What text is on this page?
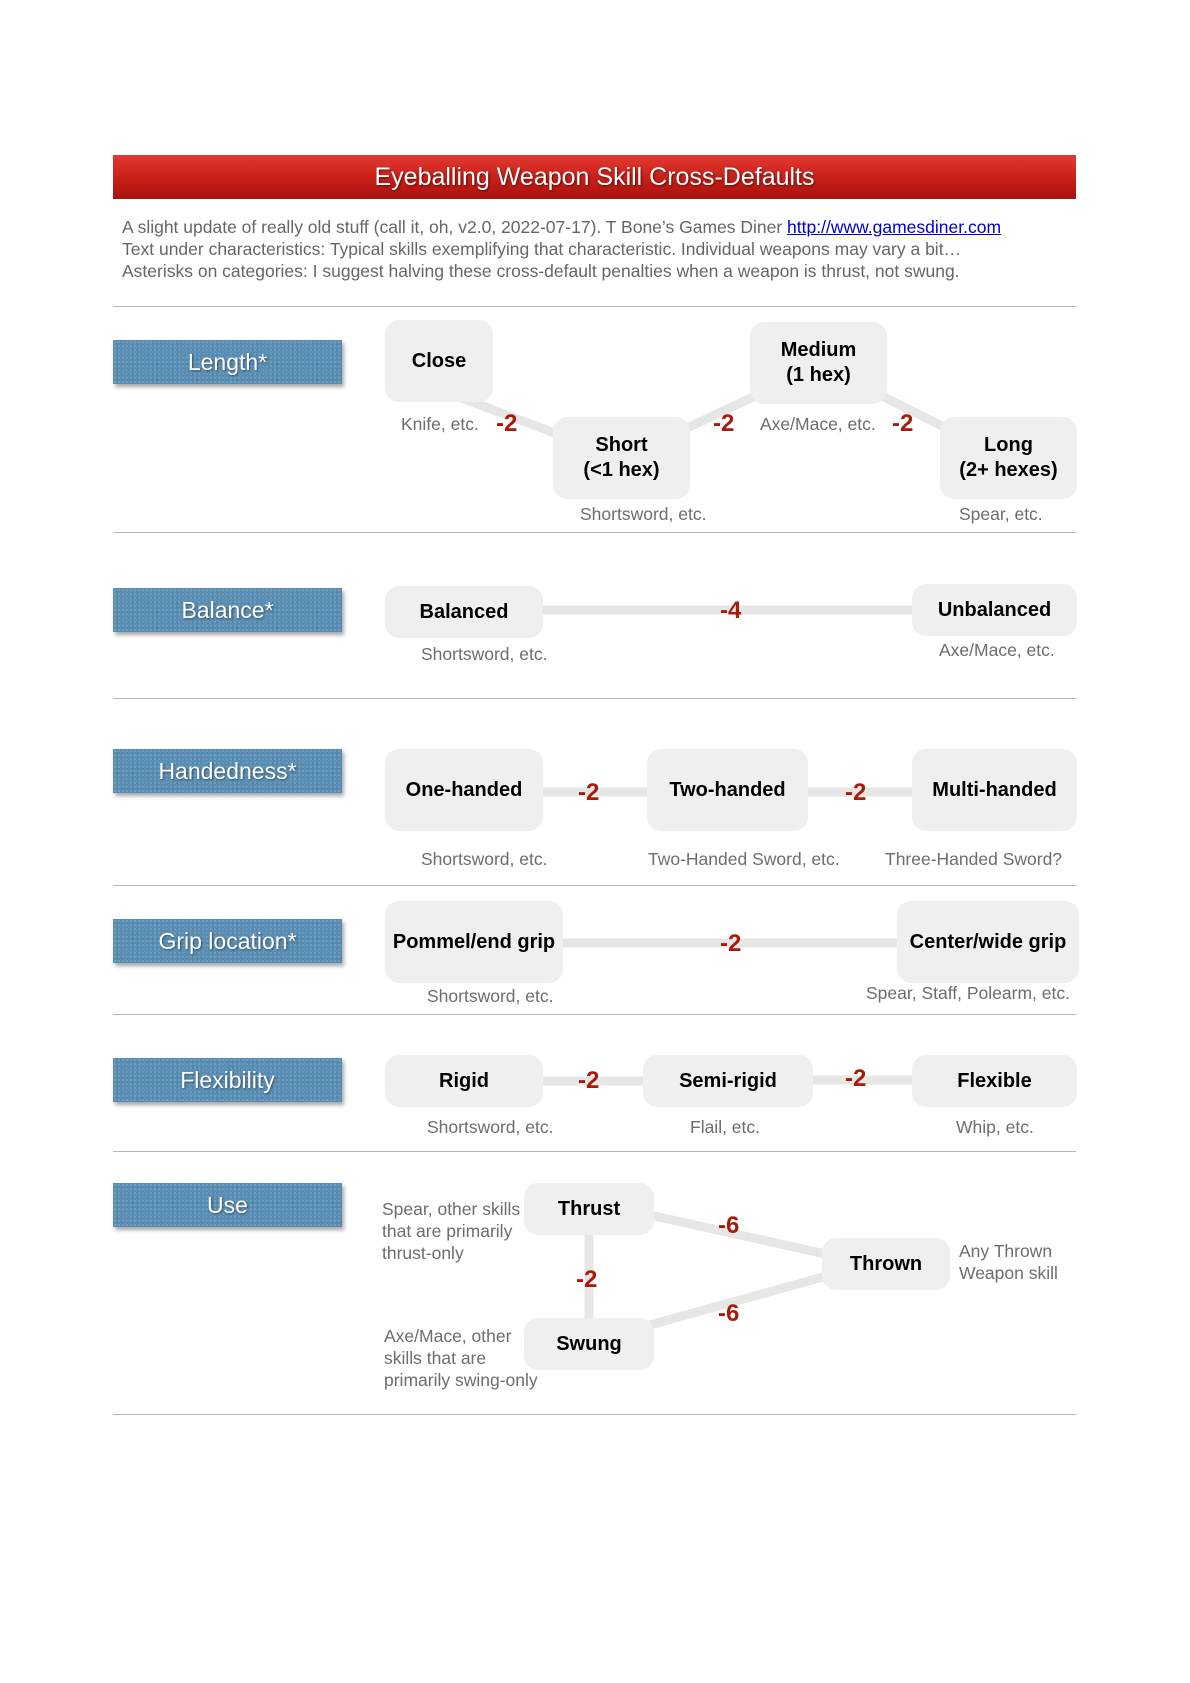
Eyeballing Weapon Skill Cross-Defaults
A slight update of really old stuff (call it, oh, v2.0, 2022-07-17). T Bone’s Games Diner http://www.gamesdiner.com
Text under characteristics: Typical skills exemplifying that characteristic. Individual weapons may vary a bit…
Asterisks on categories: I suggest halving these cross-default penalties when a weapon is thrust, not swung.
Length*	Close
Short
(<1 hex)
Medium
(1 hex)
Long
(2+ hexes)
-2	-2	-2
Knife, etc.
Shortsword, etc.
Axe/Mace, etc.
Spear, etc.
Balance*	Balanced	Unbalanced
-4
Shortsword, etc.	Axe/Mace, etc.
Handedness*
One-handed	Two-handed	Multi-handed
-2	-2
Shortsword, etc.	Two-Handed Sword, etc.	Three-Handed Sword?
Grip location*	Pommel/end grip	Center/wide grip
-2
Shortsword, etc.	Spear, Staff, Polearm, etc.
Flexibility	Rigid	Semi-rigid	Flexible
-2	-2
Shortsword, etc.	Flail, etc.	Whip, etc.
Use	Thrust
Swung
Thrown
-2
-6
-6
Spear, other skills
that are primarily
thrust-only
Axe/Mace, other
skills that are
primarily swing-only
Any Thrown
Weapon skill
